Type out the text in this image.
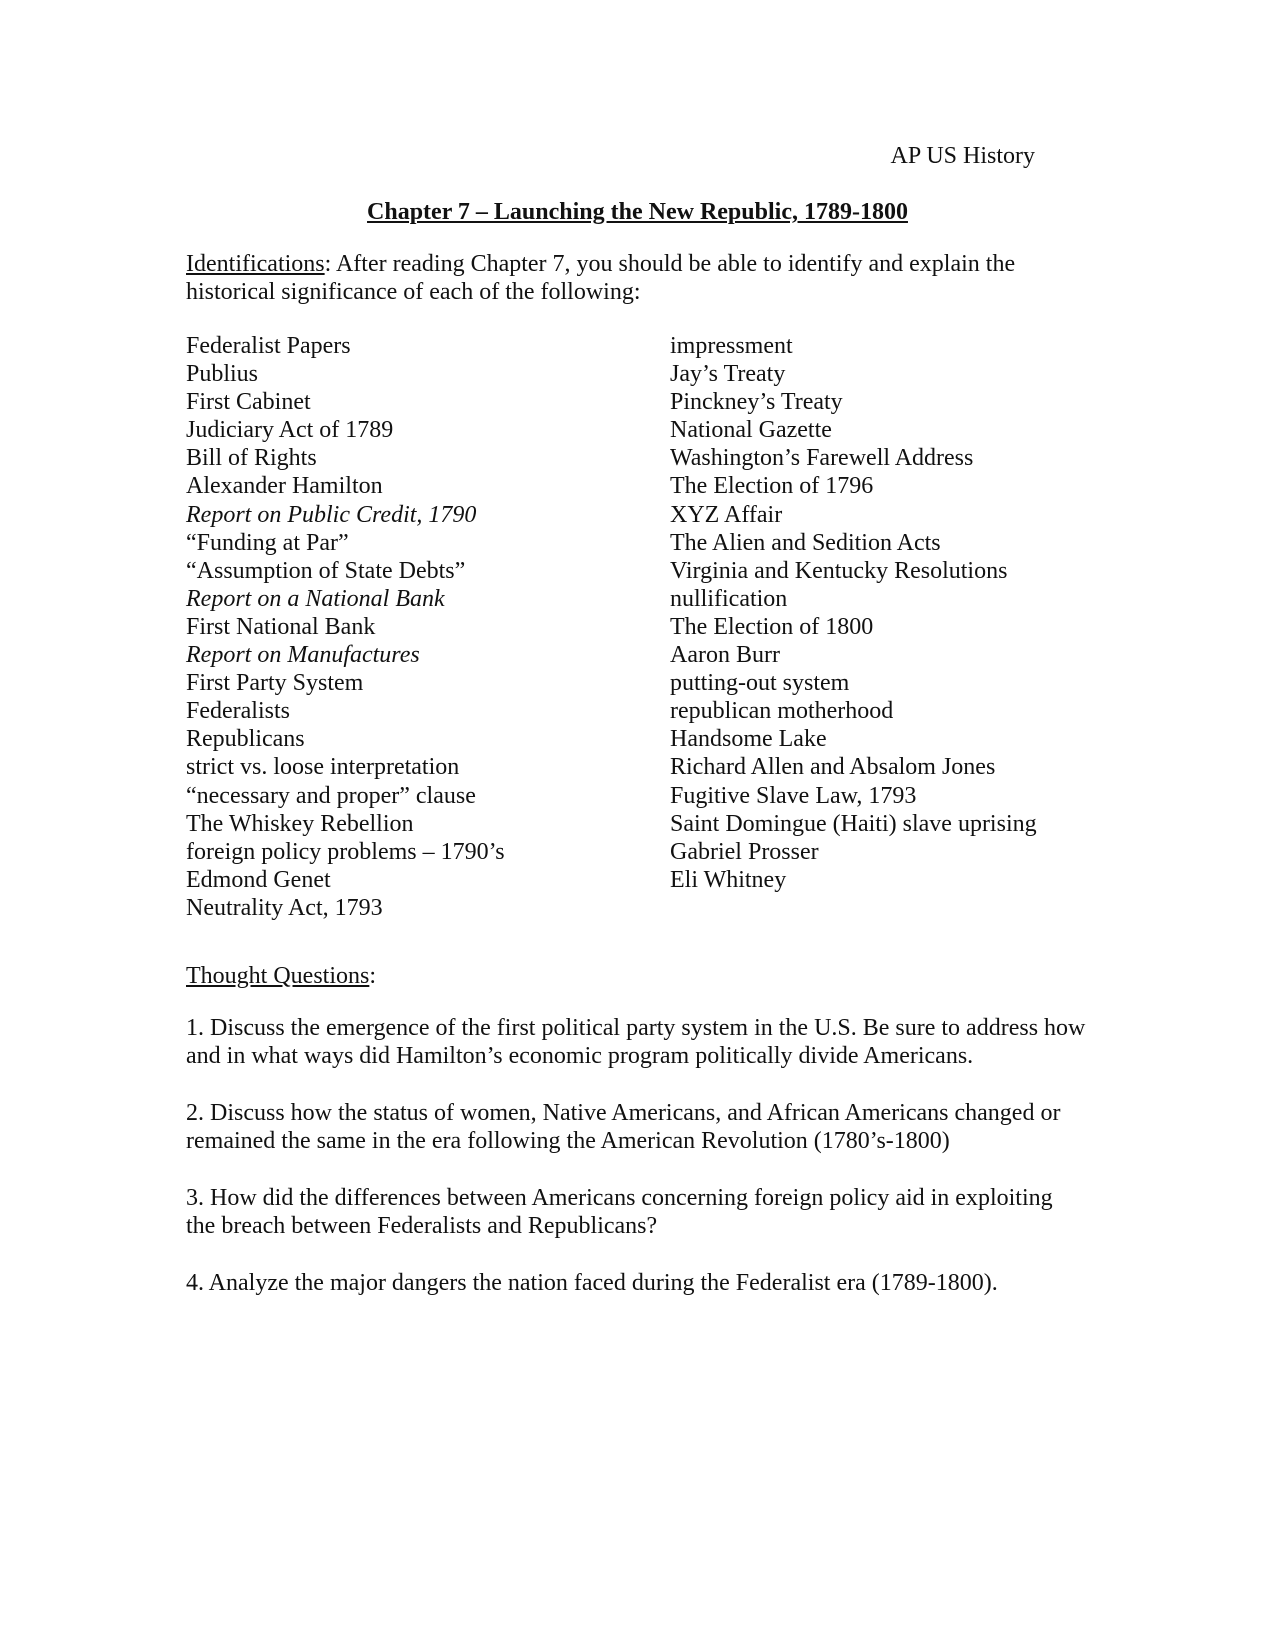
AP US History
Chapter 7 – Launching the New Republic, 1789-1800
Identifications: After reading Chapter 7, you should be able to identify and explain the historical significance of each of the following:
Federalist Papers
Publius
First Cabinet
Judiciary Act of 1789
Bill of Rights
Alexander Hamilton
Report on Public Credit, 1790
“Funding at Par”
“Assumption of State Debts”
Report on a National Bank
First National Bank
Report on Manufactures
First Party System
Federalists
Republicans
strict vs. loose interpretation
“necessary and proper” clause
The Whiskey Rebellion
foreign policy problems – 1790’s
Edmond Genet
Neutrality Act, 1793
impressment
Jay’s Treaty
Pinckney’s Treaty
National Gazette
Washington’s Farewell Address
The Election of 1796
XYZ Affair
The Alien and Sedition Acts
Virginia and Kentucky Resolutions
nullification
The Election of 1800
Aaron Burr
putting-out system
republican motherhood
Handsome Lake
Richard Allen and Absalom Jones
Fugitive Slave Law, 1793
Saint Domingue (Haiti) slave uprising
Gabriel Prosser
Eli Whitney
Thought Questions:
1. Discuss the emergence of the first political party system in the U.S. Be sure to address how and in what ways did Hamilton’s economic program politically divide Americans.
2. Discuss how the status of women, Native Americans, and African Americans changed or remained the same in the era following the American Revolution (1780’s-1800)
3. How did the differences between Americans concerning foreign policy aid in exploiting the breach between Federalists and Republicans?
4. Analyze the major dangers the nation faced during the Federalist era (1789-1800).
